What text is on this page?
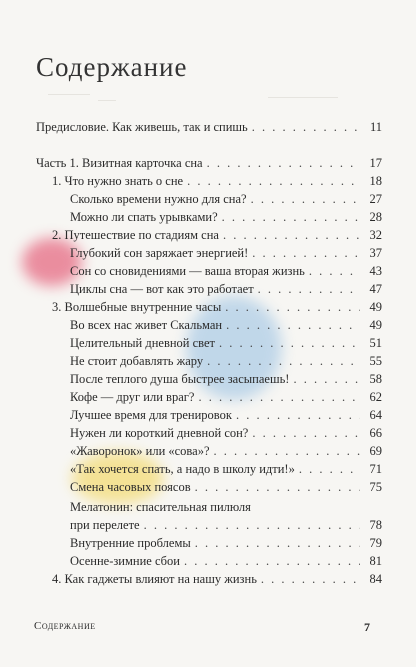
Содержание
Предисловие. Как живешь, так и спишь . . .	11
Часть 1. Визитная карточка сна . . .	17
1. Что нужно знать о сне . . .	18
Сколько времени нужно для сна? . . .	27
Можно ли спать урывками? . . .	28
2. Путешествие по стадиям сна . . .	32
Глубокий сон заряжает энергией! . . .	37
Сон со сновидениями — ваша вторая жизнь . . .	43
Циклы сна — вот как это работает . . .	47
3. Волшебные внутренние часы . . .	49
Во всех нас живет Скальман . . .	49
Целительный дневной свет . . .	51
Не стоит добавлять жару . . .	55
После теплого душа быстрее засыпаешь! . . .	58
Кофе — друг или враг? . . .	62
Лучшее время для тренировок . . .	64
Нужен ли короткий дневной сон? . . .	66
«Жаворонок» или «сова»? . . .	69
«Так хочется спать, а надо в школу идти!» . . .	71
Смена часовых поясов . . .	75
Мелатонин: спасительная пилюля
при перелете . . .	78
Внутренние проблемы . . .	79
Осенне-зимние сбои . . .	81
4. Как гаджеты влияют на нашу жизнь . . .	84
Содержание	7
